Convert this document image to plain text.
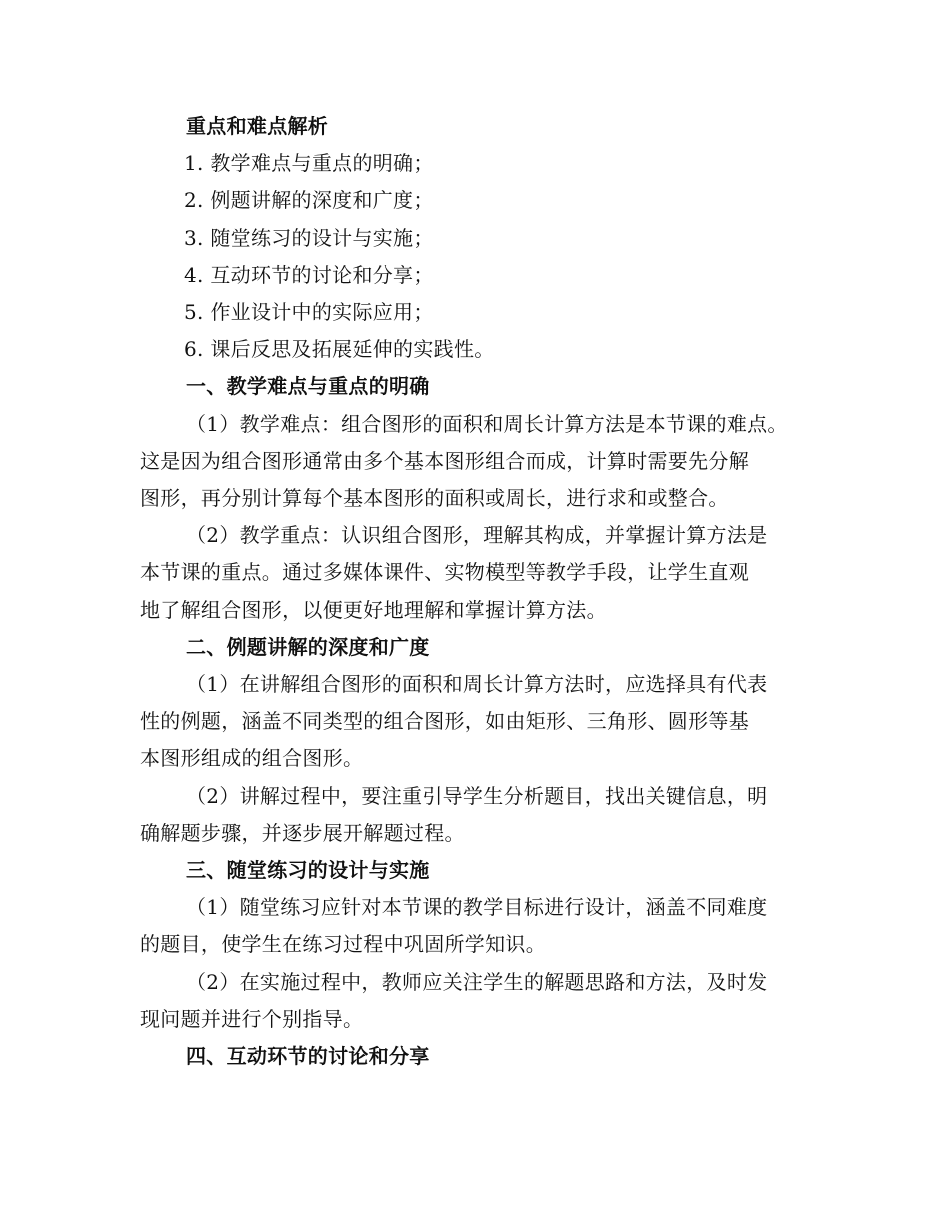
重点和难点解析
1. 教学难点与重点的明确；
2. 例题讲解的深度和广度；
3. 随堂练习的设计与实施；
4. 互动环节的讨论和分享；
5. 作业设计中的实际应用；
6. 课后反思及拓展延伸的实践性。
一、教学难点与重点的明确
（1）教学难点：组合图形的面积和周长计算方法是本节课的难点。
这是因为组合图形通常由多个基本图形组合而成，计算时需要先分解
图形，再分别计算每个基本图形的面积或周长，进行求和或整合。
（2）教学重点：认识组合图形，理解其构成，并掌握计算方法是
本节课的重点。通过多媒体课件、实物模型等教学手段，让学生直观
地了解组合图形，以便更好地理解和掌握计算方法。
二、例题讲解的深度和广度
（1）在讲解组合图形的面积和周长计算方法时，应选择具有代表
性的例题，涵盖不同类型的组合图形，如由矩形、三角形、圆形等基
本图形组成的组合图形。
（2）讲解过程中，要注重引导学生分析题目，找出关键信息，明
确解题步骤，并逐步展开解题过程。
三、随堂练习的设计与实施
（1）随堂练习应针对本节课的教学目标进行设计，涵盖不同难度
的题目，使学生在练习过程中巩固所学知识。
（2）在实施过程中，教师应关注学生的解题思路和方法，及时发
现问题并进行个别指导。
四、互动环节的讨论和分享
